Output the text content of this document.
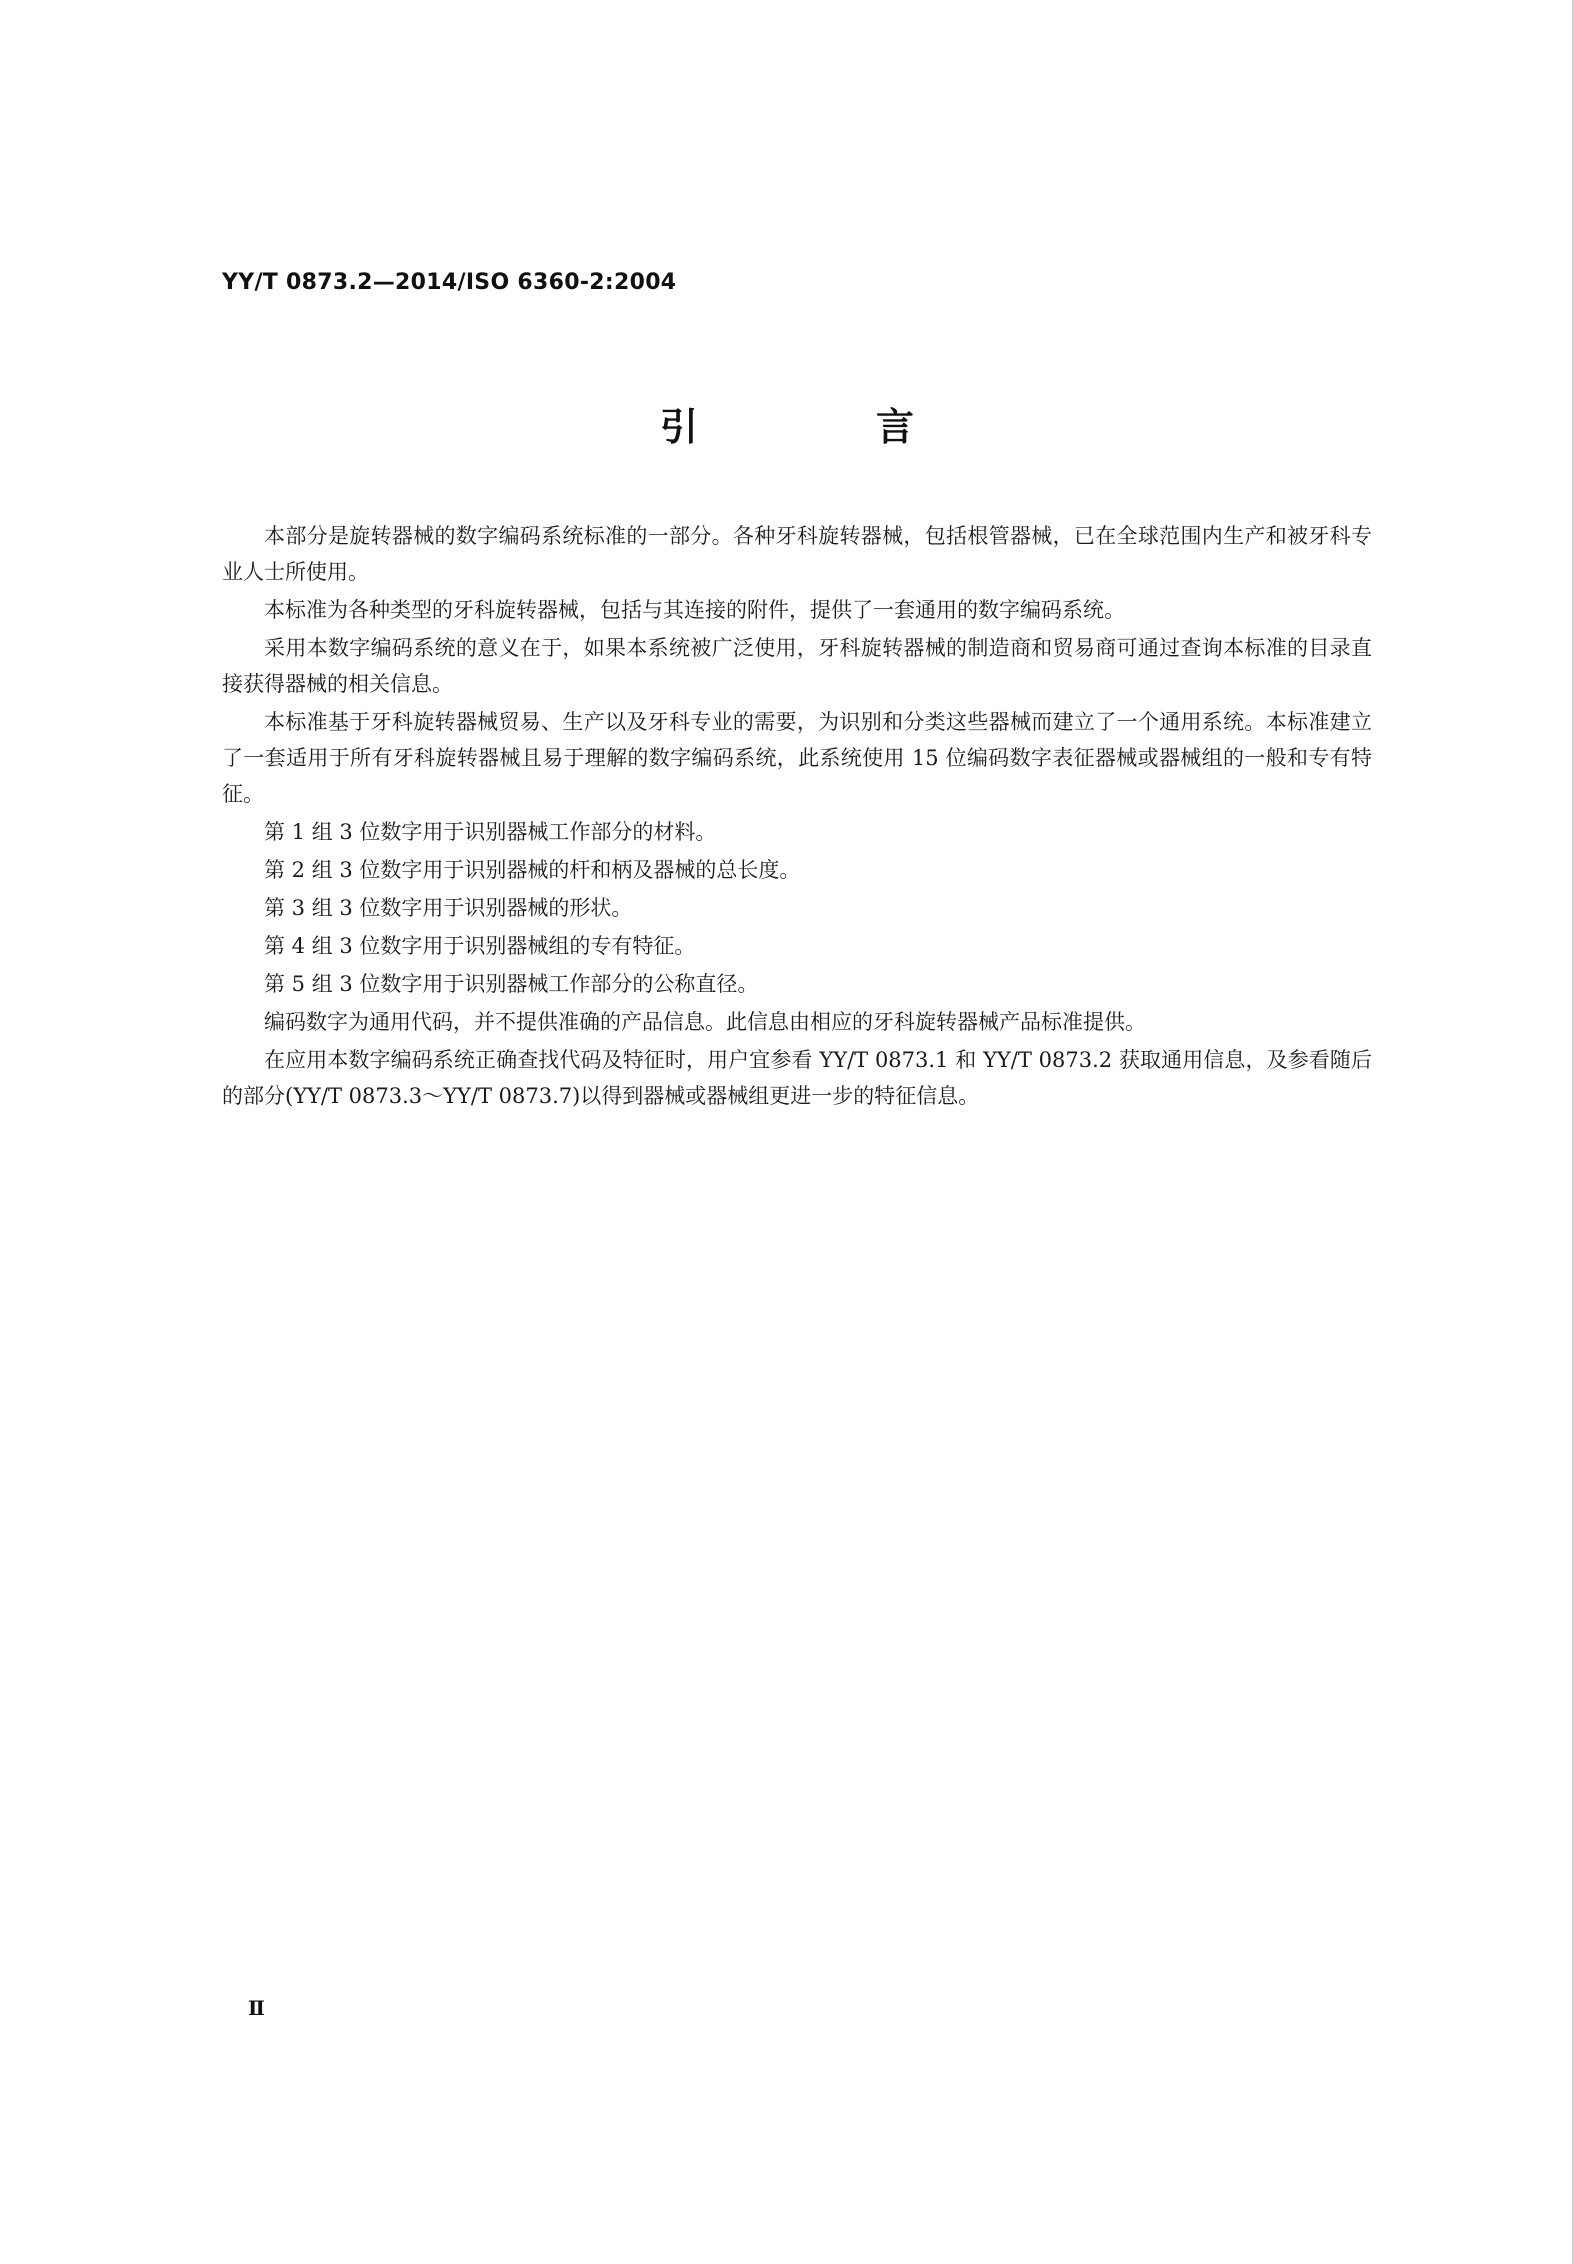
YY/T 0873.2—2014/ISO 6360-2:2004
引　言

本部分是旋转器械的数字编码系统标准的一部分。各种牙科旋转器械，包括根管器械，已在全球范围内生产和被牙科专业人士所使用。

本标准为各种类型的牙科旋转器械，包括与其连接的附件，提供了一套通用的数字编码系统。

采用本数字编码系统的意义在于，如果本系统被广泛使用，牙科旋转器械的制造商和贸易商可通过查询本标准的目录直接获得器械的相关信息。

本标准基于牙科旋转器械贸易、生产以及牙科专业的需要，为识别和分类这些器械而建立了一个通用系统。本标准建立了一套适用于所有牙科旋转器械且易于理解的数字编码系统，此系统使用 15 位编码数字表征器械或器械组的一般和专有特征。

第 1 组 3 位数字用于识别器械工作部分的材料。

第 2 组 3 位数字用于识别器械的杆和柄及器械的总长度。

第 3 组 3 位数字用于识别器械的形状。

第 4 组 3 位数字用于识别器械组的专有特征。

第 5 组 3 位数字用于识别器械工作部分的公称直径。

编码数字为通用代码，并不提供准确的产品信息。此信息由相应的牙科旋转器械产品标准提供。

在应用本数字编码系统正确查找代码及特征时，用户宜参看 YY/T 0873.1 和 YY/T 0873.2 获取通用信息，及参看随后的部分(YY/T 0873.3～YY/T 0873.7)以得到器械或器械组更进一步的特征信息。

Ⅱ
